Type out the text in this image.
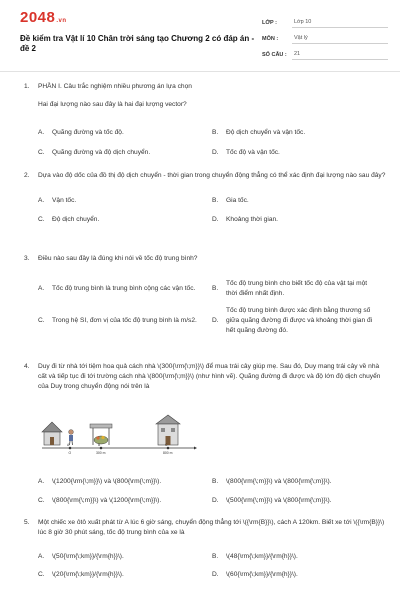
2048.vn
Đề kiểm tra Vật lí 10 Chân trời sáng tạo Chương 2 có đáp án - đề 2
LỚP :	Lớp 10
MÔN :	Vật lý
SỐ CÂU :	21
1.	PHẦN I. Câu trắc nghiệm nhiều phương án lựa chọn
Hai đại lượng nào sau đây là hai đại lượng vector?
A.	Quãng đường và tốc độ.	B.	Độ dịch chuyển và vận tốc.
C.	Quãng đường và độ dịch chuyển.	D.	Tốc độ và vận tốc.
2.	Dựa vào độ dốc của đồ thị độ dịch chuyển - thời gian trong chuyển động thẳng có thể xác định đại lượng nào sau đây?
A.	Vận tốc.	B.	Gia tốc.
C.	Độ dịch chuyển.	D.	Khoảng thời gian.
3.	Điều nào sau đây là đúng khi nói về tốc độ trung bình?
A.	Tốc độ trung bình là trung bình cộng các vận tốc.	B.
Tốc độ trung bình cho biết tốc độ của vật tại một thời điểm nhất định.
C.	Trong hệ SI, đơn vị của tốc độ trung bình là m/s2.	D.
Tốc độ trung bình được xác định bằng thương số giữa quãng đường đi được và khoảng thời gian đi hết quãng đường đó.
4.	Duy đi từ nhà tới tiệm hoa quả cách nhà \(300{\rm{\;m}}\) để mua trái cây giúp mẹ. Sau đó, Duy mang trái cây về nhà cất và tiếp tục đi tới trường cách nhà \(800{\rm{\;m}}\) (như hình vẽ). Quãng đường đi được và độ lớn độ dịch chuyển của Duy trong chuyển động nói trên là
A.	\(1200{\rm{\;m}}\) và \(800{\rm{\;m}}\).	B.	\(800{\rm{\;m}}\) và \(800{\rm{\;m}}\).
C.	\(800{\rm{\;m}}\) và \(1200{\rm{\;m}}\).	D.	\(500{\rm{\;m}}\) và \(800{\rm{\;m}}\).
A	B	C
O	300 m	800 m
5.	Một chiếc xe ôtô xuất phát từ A lúc 6 giờ sáng, chuyển động thẳng tới \({\rm{B}}\), cách A 120km. Biết xe tới \({\rm{B}}\) lúc 8 giờ 30 phút sáng, tốc độ trung bình của xe là
A.	\(50{\rm{\;km}}/{\rm{h}}\).	B.	\(48{\rm{\;km}}/{\rm{h}}\).
C.	\(20{\rm{\;km}}/{\rm{h}}\).	D.	\(60{\rm{\;km}}/{\rm{h}}\).
